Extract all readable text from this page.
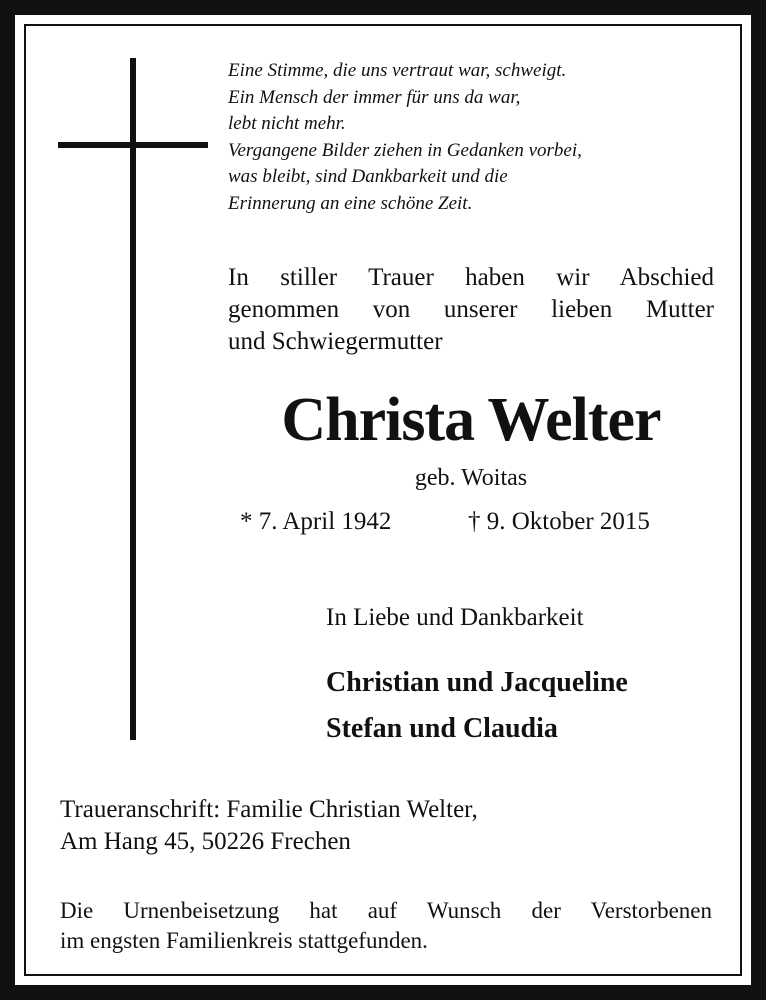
Eine Stimme, die uns vertraut war, schweigt.
Ein Mensch der immer für uns da war,
lebt nicht mehr.
Vergangene Bilder ziehen in Gedanken vorbei,
was bleibt, sind Dankbarkeit und die
Erinnerung an eine schöne Zeit.
In stiller Trauer haben wir Abschied
genommen von unserer lieben Mutter
und Schwiegermutter
Christa Welter
geb. Woitas
* 7. April 1942	† 9. Oktober 2015
In Liebe und Dankbarkeit
Christian und Jacqueline
Stefan und Claudia
Traueranschrift: Familie Christian Welter,
Am Hang 45, 50226 Frechen
Die Urnenbeisetzung hat auf Wunsch der Verstorbenen
im engsten Familienkreis stattgefunden.
